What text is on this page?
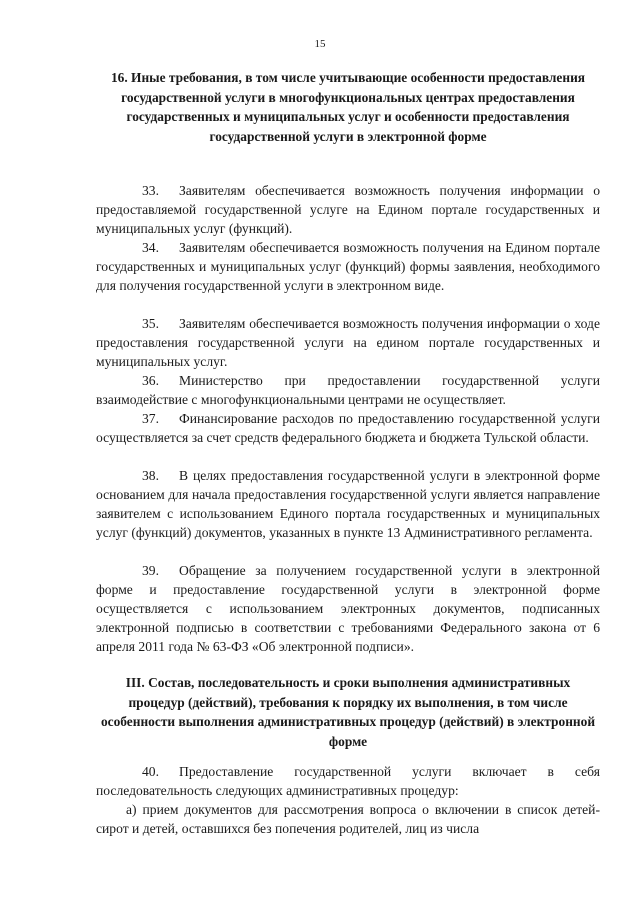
15
16. Иные требования, в том числе учитывающие особенности предоставления государственной услуги в многофункциональных центрах предоставления государственных и муниципальных услуг и особенности предоставления государственной услуги в электронной форме

33. Заявителям обеспечивается возможность получения информации о предоставляемой государственной услуге на Едином портале государственных и муниципальных услуг (функций).

34. Заявителям обеспечивается возможность получения на Едином портале государственных и муниципальных услуг (функций) формы заявления, необходимого для получения государственной услуги в электронном виде.

35. Заявителям обеспечивается возможность получения информации о ходе предоставления государственной услуги на едином портале государственных и муниципальных услуг.

36. Министерство при предоставлении государственной услуги взаимодействие с многофункциональными центрами не осуществляет.

37. Финансирование расходов по предоставлению государственной услуги осуществляется за счет средств федерального бюджета и бюджета Тульской области.

38. В целях предоставления государственной услуги в электронной форме основанием для начала предоставления государственной услуги является направление заявителем с использованием Единого портала государственных и муниципальных услуг (функций) документов, указанных в пункте 13 Административного регламента.

39. Обращение за получением государственной услуги в электронной форме и предоставление государственной услуги в электронной форме осуществляется с использованием электронных документов, подписанных электронной подписью в соответствии с требованиями Федерального закона от 6 апреля 2011 года № 63-ФЗ «Об электронной подписи».

III. Состав, последовательность и сроки выполнения административных процедур (действий), требования к порядку их выполнения, в том числе особенности выполнения административных процедур (действий) в электронной форме

40. Предоставление государственной услуги включает в себя последовательность следующих административных процедур:

а) прием документов для рассмотрения вопроса о включении в список детей-сирот и детей, оставшихся без попечения родителей, лиц из числа
